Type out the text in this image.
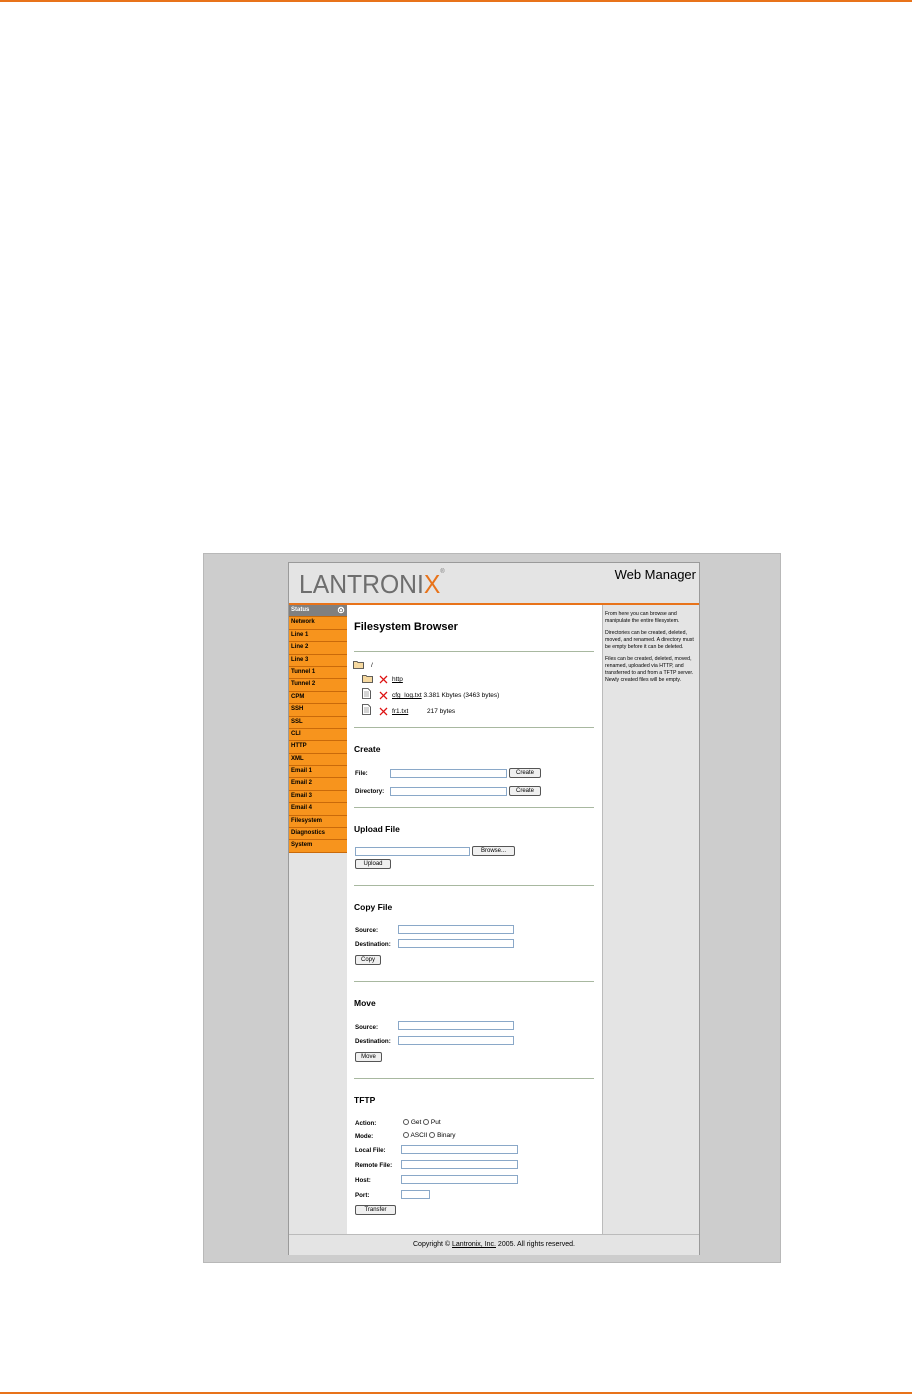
LANTRONIX®	Web Manager
Status
Network
Line 1
Line 2
Line 3
Tunnel 1
Tunnel 2
CPM
SSH
SSL
CLI
HTTP
XML
Email 1
Email 2
Email 3
Email 4
Filesystem
Diagnostics
System
Filesystem Browser
/
http
cfg_log.txt 3.381 Kbytes (3463 bytes)
fr1.txt	217 bytes
Create
File:	Create
Directory:	Create
Upload File
Browse...
Upload
Copy File
Source:
Destination:
Copy
Move
Source:
Destination:
Move
TFTP
Action:	Get Put
Mode:	ASCII Binary
Local File:
Remote File:
Host:
Port:
Transfer

From here you can browse and manipulate the entire filesystem.

Directories can be created, deleted, moved, and renamed. A directory must be empty before it can be deleted.

Files can be created, deleted, moved, renamed, uploaded via HTTP, and transferred to and from a TFTP server. Newly created files will be empty.

Copyright © Lantronix, Inc. 2005. All rights reserved.
